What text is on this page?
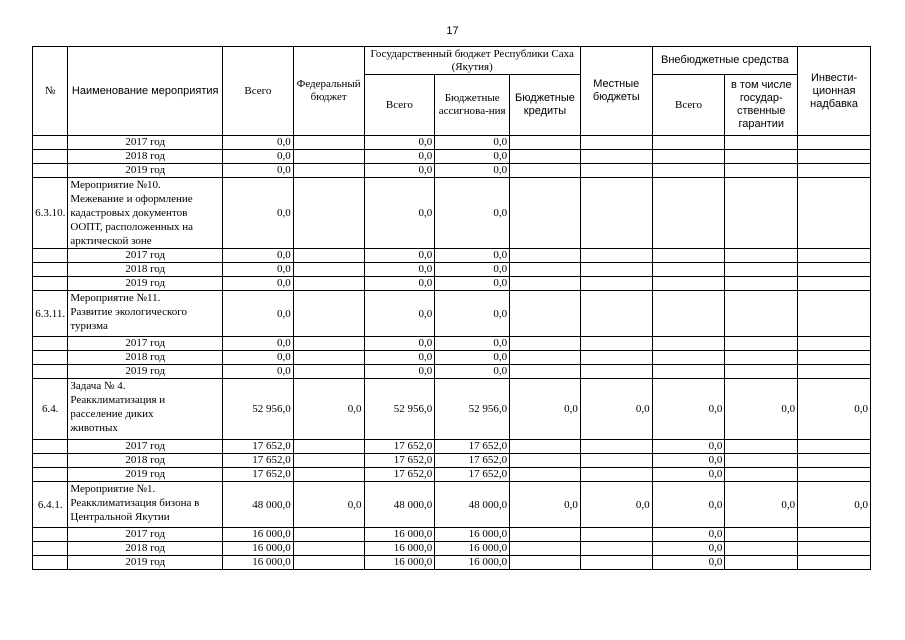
17
№	Наименование мероприятия	Всего	Федеральный бюджет	Государственный бюджет Республики Саха (Якутия)			Местные бюджеты	Внебюджетные средства		Инвести-ционная надбавка
				Всего	Бюджетные ассигнова-ния	Бюджетные кредиты		Всего	в том числе государ-ственные гарантии	
	2017 год	0,0		0,0	0,0					
	2018 год	0,0		0,0	0,0					
	2019 год	0,0		0,0	0,0					
6.3.10.	Мероприятие №10.
Межевание и оформление
кадастровых документов
ООПТ, расположенных на
арктической зоне	0,0		0,0	0,0					
	2017 год	0,0		0,0	0,0					
	2018 год	0,0		0,0	0,0					
	2019 год	0,0		0,0	0,0					
6.3.11.	Мероприятие №11.
Развитие экологического
туризма	0,0		0,0	0,0					
	2017 год	0,0		0,0	0,0					
	2018 год	0,0		0,0	0,0					
	2019 год	0,0		0,0	0,0					
6.4.	Задача № 4.
Реакклиматизация и
расселение диких
животных	52 956,0	0,0	52 956,0	52 956,0	0,0	0,0	0,0	0,0	0,0
	2017 год	17 652,0		17 652,0	17 652,0			0,0		
	2018 год	17 652,0		17 652,0	17 652,0			0,0		
	2019 год	17 652,0		17 652,0	17 652,0			0,0		
6.4.1.	Мероприятие №1.
Реакклиматизация бизона в
Центральной Якутии	48 000,0	0,0	48 000,0	48 000,0	0,0	0,0	0,0	0,0	0,0
	2017 год	16 000,0		16 000,0	16 000,0			0,0		
	2018 год	16 000,0		16 000,0	16 000,0			0,0		
	2019 год	16 000,0		16 000,0	16 000,0			0,0		
